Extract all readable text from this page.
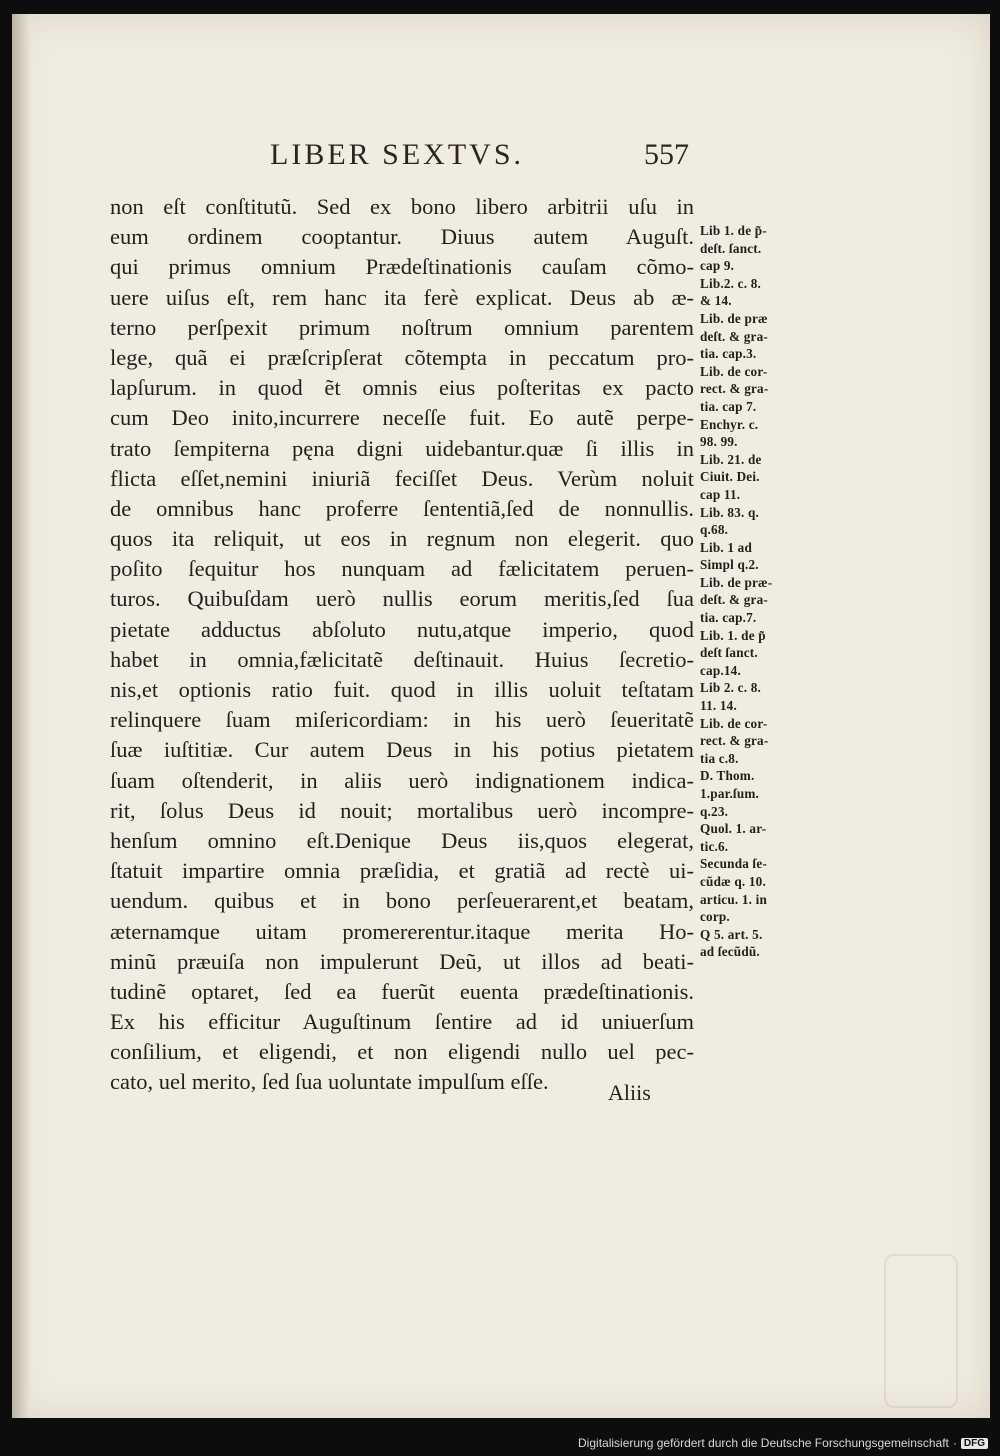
LIBER SEXTVS.	557
non eſt conſtitutũ. Sed ex bono libero arbitrii uſu in
eum ordinem cooptantur. Diuus autem Auguſt.
qui primus omnium Prædeſtinationis cauſam cõmo-
uere uiſus eſt, rem hanc ita ferè explicat. Deus ab æ-
terno perſpexit primum noſtrum omnium parentem
lege, quã ei præſcripſerat cõtempta in peccatum pro-
lapſurum. in quod ẽt omnis eius poſteritas ex pacto
cum Deo inito,incurrere neceſſe fuit. Eo autẽ perpe-
trato ſempiterna pęna digni uidebantur.quæ ſi illis in
flicta eſſet,nemini iniuriã feciſſet Deus. Verùm noluit
de omnibus hanc proferre ſententiã,ſed de nonnullis.
quos ita reliquit, ut eos in regnum non elegerit. quo
poſito ſequitur hos nunquam ad fælicitatem peruen-
turos. Quibuſdam uerò nullis eorum meritis,ſed ſua
pietate adductus abſoluto nutu,atque imperio, quod
habet in omnia,fælicitatẽ deſtinauit. Huius ſecretio-
nis,et optionis ratio fuit. quod in illis uoluit teſtatam
relinquere ſuam miſericordiam: in his uerò ſeueritatẽ
ſuæ iuſtitiæ. Cur autem Deus in his potius pietatem
ſuam oſtenderit, in aliis uerò indignationem indica-
rit, ſolus Deus id nouit; mortalibus uerò incompre-
henſum omnino eſt.Denique Deus iis,quos elegerat,
ſtatuit impartire omnia præſidia, et gratiã ad rectè ui-
uendum. quibus et in bono perſeuerarent,et beatam,
æternamque uitam promererentur.itaque merita Ho-
minũ præuiſa non impulerunt Deũ, ut illos ad beati-
tudinẽ optaret, ſed ea fuerũt euenta prædeſtinationis.
Ex his efficitur Auguſtinum ſentire ad id uniuerſum
conſilium, et eligendi, et non eligendi nullo uel pec-
cato, uel merito, ſed ſua uoluntate impulſum eſſe.	Aliis
Lib 1. de p̃-
deſt. ſanct.
cap 9.
Lib.2. c. 8.
& 14.
Lib. de præ
deſt. & gra-
tia. cap.3.
Lib. de cor-
rect. & gra-
tia. cap 7.
Enchyr. c.
98. 99.
Lib. 21. de
Ciuit. Dei.
cap 11.
Lib. 83. q.
q.68.
Lib. 1 ad
Simpl q.2.
Lib. de præ-
deſt. & gra-
tia. cap.7.
Lib. 1. de p̃
deſt ſanct.
cap.14.
Lib 2. c. 8.
11. 14.
Lib. de cor-
rect. & gra-
tia c.8.
D. Thom.
1.par.ſum.
q.23.
Quol. 1. ar-
tic.6.
Secunda ſe-
cũdæ q. 10.
articu. 1. in
corp.
Q 5. art. 5.
ad ſecũdũ.
Digitalisierung gefördert durch die Deutsche Forschungsgemeinschaft · DFG
